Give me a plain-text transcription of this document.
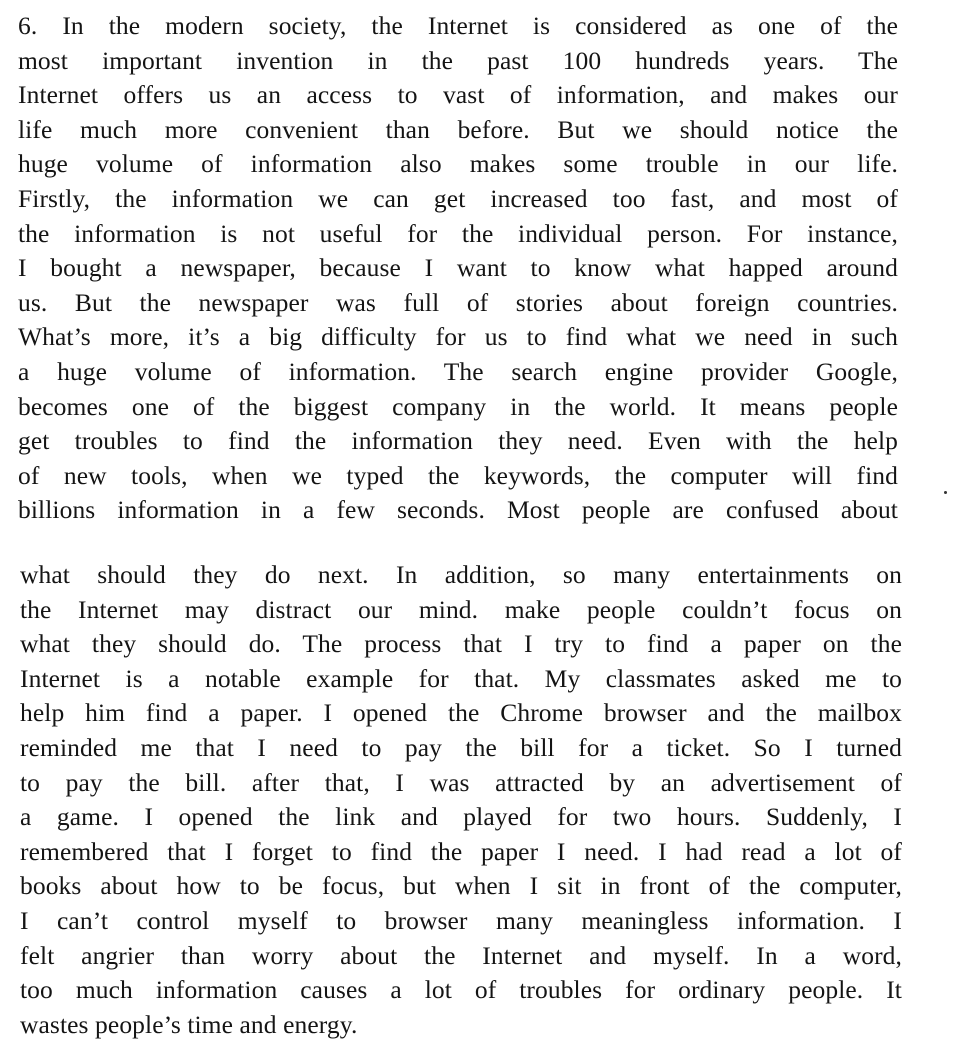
6. In the modern society, the Internet is considered as one of the
most important invention in the past 100 hundreds years. The
Internet offers us an access to vast of information, and makes our
life much more convenient than before. But we should notice the
huge volume of information also makes some trouble in our life.
Firstly, the information we can get increased too fast, and most of
the information is not useful for the individual person. For instance,
I bought a newspaper, because I want to know what happed around
us. But the newspaper was full of stories about foreign countries.
What’s more, it’s a big difficulty for us to find what we need in such
a huge volume of information. The search engine provider Google,
becomes one of the biggest company in the world. It means people
get troubles to find the information they need. Even with the help
of new tools, when we typed the keywords, the computer will find
billions information in a few seconds. Most people are confused about
what should they do next. In addition, so many entertainments on
the Internet may distract our mind. make people couldn’t focus on
what they should do. The process that I try to find a paper on the
Internet is a notable example for that. My classmates asked me to
help him find a paper. I opened the Chrome browser and the mailbox
reminded me that I need to pay the bill for a ticket. So I turned
to pay the bill. after that, I was attracted by an advertisement of
a game. I opened the link and played for two hours. Suddenly, I
remembered that I forget to find the paper I need. I had read a lot of
books about how to be focus, but when I sit in front of the computer,
I can’t control myself to browser many meaningless information. I
felt angrier than worry about the Internet and myself. In a word,
too much information causes a lot of troubles for ordinary people. It
wastes people’s time and energy.
